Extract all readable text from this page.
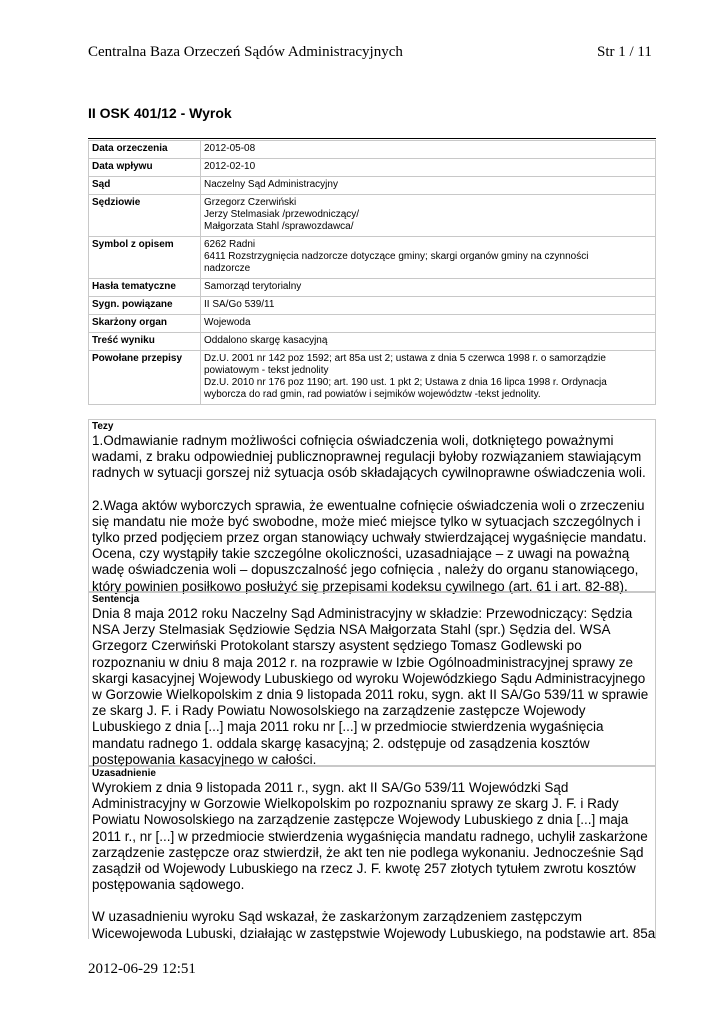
Centralna Baza Orzeczeń Sądów Administracyjnych	Str 1 / 11
II OSK 401/12 - Wyrok
Data orzeczenia	2012-05-08

Data wpływu	2012-02-10

Sąd	Naczelny Sąd Administracyjny

Sędziowie	Grzegorz Czerwiński
Jerzy Stelmasiak /przewodniczący/
Małgorzata Stahl /sprawozdawca/

Symbol z opisem	6262 Radni
6411 Rozstrzygnięcia nadzorcze dotyczące gminy; skargi organów gminy na czynności
nadzorcze

Hasła tematyczne	Samorząd terytorialny

Sygn. powiązane	II SA/Go 539/11

Skarżony organ	Wojewoda

Treść wyniku	Oddalono skargę kasacyjną

Powołane przepisy	Dz.U. 2001 nr 142 poz 1592; art 85a ust 2; ustawa z dnia 5 czerwca 1998 r. o samorządzie
powiatowym - tekst jednolity
Dz.U. 2010 nr 176 poz 1190; art. 190 ust. 1 pkt 2; Ustawa z dnia 16 lipca 1998 r. Ordynacja
wyborcza do rad gmin, rad powiatów i sejmików województw -tekst jednolity.
Tezy
1.Odmawianie radnym możliwości cofnięcia oświadczenia woli, dotkniętego poważnymi
wadami, z braku odpowiedniej publicznoprawnej regulacji byłoby rozwiązaniem stawiającym
radnych w sytuacji gorszej niż sytuacja osób składających cywilnoprawne oświadczenia woli.
2.Waga aktów wyborczych sprawia, że ewentualne cofnięcie oświadczenia woli o zrzeczeniu
się mandatu nie może być swobodne, może mieć miejsce tylko w sytuacjach szczególnych i
tylko przed podjęciem przez organ stanowiący uchwały stwierdzającej wygaśnięcie mandatu.
Ocena, czy wystąpiły takie szczególne okoliczności, uzasadniające – z uwagi na poważną
wadę oświadczenia woli – dopuszczalność jego cofnięcia , należy do organu stanowiącego,
który powinien posiłkowo posłużyć się przepisami kodeksu cywilnego (art. 61 i art. 82-88).
Sentencja
Dnia 8 maja 2012 roku Naczelny Sąd Administracyjny w składzie: Przewodniczący: Sędzia
NSA Jerzy Stelmasiak Sędziowie Sędzia NSA Małgorzata Stahl (spr.) Sędzia del. WSA
Grzegorz Czerwiński Protokolant starszy asystent sędziego Tomasz Godlewski po
rozpoznaniu w dniu 8 maja 2012 r. na rozprawie w Izbie Ogólnoadministracyjnej sprawy ze
skargi kasacyjnej Wojewody Lubuskiego od wyroku Wojewódzkiego Sądu Administracyjnego
w Gorzowie Wielkopolskim z dnia 9 listopada 2011 roku, sygn. akt II SA/Go 539/11 w sprawie
ze skarg J. F. i Rady Powiatu Nowosolskiego na zarządzenie zastępcze Wojewody
Lubuskiego z dnia [...] maja 2011 roku nr [...] w przedmiocie stwierdzenia wygaśnięcia
mandatu radnego 1. oddala skargę kasacyjną; 2. odstępuje od zasądzenia kosztów
postępowania kasacyjnego w całości.
Uzasadnienie
Wyrokiem z dnia 9 listopada 2011 r., sygn. akt II SA/Go 539/11 Wojewódzki Sąd
Administracyjny w Gorzowie Wielkopolskim po rozpoznaniu sprawy ze skarg J. F. i Rady
Powiatu Nowosolskiego na zarządzenie zastępcze Wojewody Lubuskiego z dnia [...] maja
2011 r., nr [...] w przedmiocie stwierdzenia wygaśnięcia mandatu radnego, uchylił zaskarżone
zarządzenie zastępcze oraz stwierdził, że akt ten nie podlega wykonaniu. Jednocześnie Sąd
zasądził od Wojewody Lubuskiego na rzecz J. F. kwotę 257 złotych tytułem zwrotu kosztów
postępowania sądowego.
W uzasadnieniu wyroku Sąd wskazał, że zaskarżonym zarządzeniem zastępczym
Wicewojewoda Lubuski, działając w zastępstwie Wojewody Lubuskiego, na podstawie art. 85a
2012-06-29 12:51
